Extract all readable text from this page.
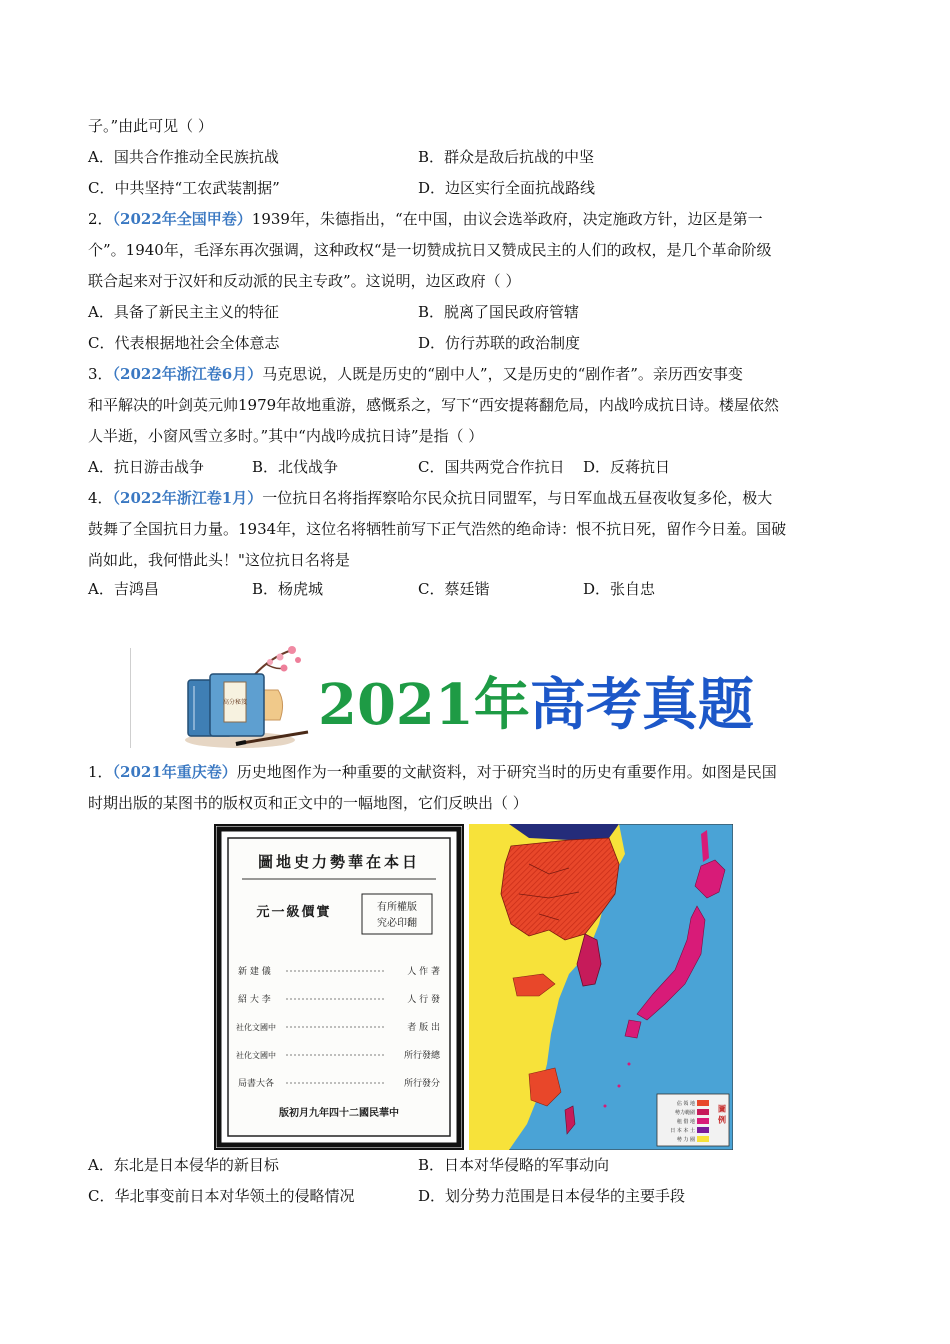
子。”由此可见（ ）
A．国共合作推动全民族抗战	B．群众是敌后抗战的中坚
C．中共坚持“工农武装割据”	D．边区实行全面抗战路线
2．（2022年全国甲卷）1939年，朱德指出，“在中国，由议会选举政府，决定施政方针，边区是第一
个”。1940年，毛泽东再次强调，这种政权“是一切赞成抗日又赞成民主的人们的政权，是几个革命阶级
联合起来对于汉奸和反动派的民主专政”。这说明，边区政府（ ）
A．具备了新民主主义的特征	B．脱离了国民政府管辖
C．代表根据地社会全体意志	D．仿行苏联的政治制度
3．（2022年浙江卷6月）马克思说，人既是历史的“剧中人”，又是历史的“剧作者”。亲历西安事变
和平解决的叶剑英元帅1979年故地重游，感慨系之，写下“西安提蒋翻危局，内战吟成抗日诗。楼屋依然
人半逝，小窗风雪立多时。”其中“内战吟成抗日诗”是指（ ）
A．抗日游击战争	B．北伐战争	C．国共两党合作抗日 D．反蒋抗日
4．（2022年浙江卷1月）一位抗日名将指挥察哈尔民众抗日同盟军，与日军血战五昼夜收复多伦，极大
鼓舞了全国抗日力量。1934年，这位名将牺牲前写下正气浩然的绝命诗：恨不抗日死，留作今日羞。国破
尚如此，我何惜此头！"这位抗日名将是
A．吉鸿昌	B．杨虎城	C．蔡廷锴	D．张自忠
高分秘笈 2021年高考真题
1．（2021年重庆卷）历史地图作为一种重要的文献资料，对于研究当时的历史有重要作用。如图是民国
时期出版的某图书的版权页和正文中的一幅地图，它们反映出（ ）
圖地史力勢華在本日
元一級價實	有所權版
究必印翻
新 建 儀	人 作 著
紹 大 李	人 行 發
社化文國中	者 版 出
社化文國中	所行發總
局書大各	所行發分
版初月九年四十二國民華中
佔 領 地
勢力範圍
租 借 地
日 本 本 土
勢 力 圈
圖 例
A．东北是日本侵华的新目标	B．日本对华侵略的军事动向
C．华北事变前日本对华领土的侵略情况	D．划分势力范围是日本侵华的主要手段
